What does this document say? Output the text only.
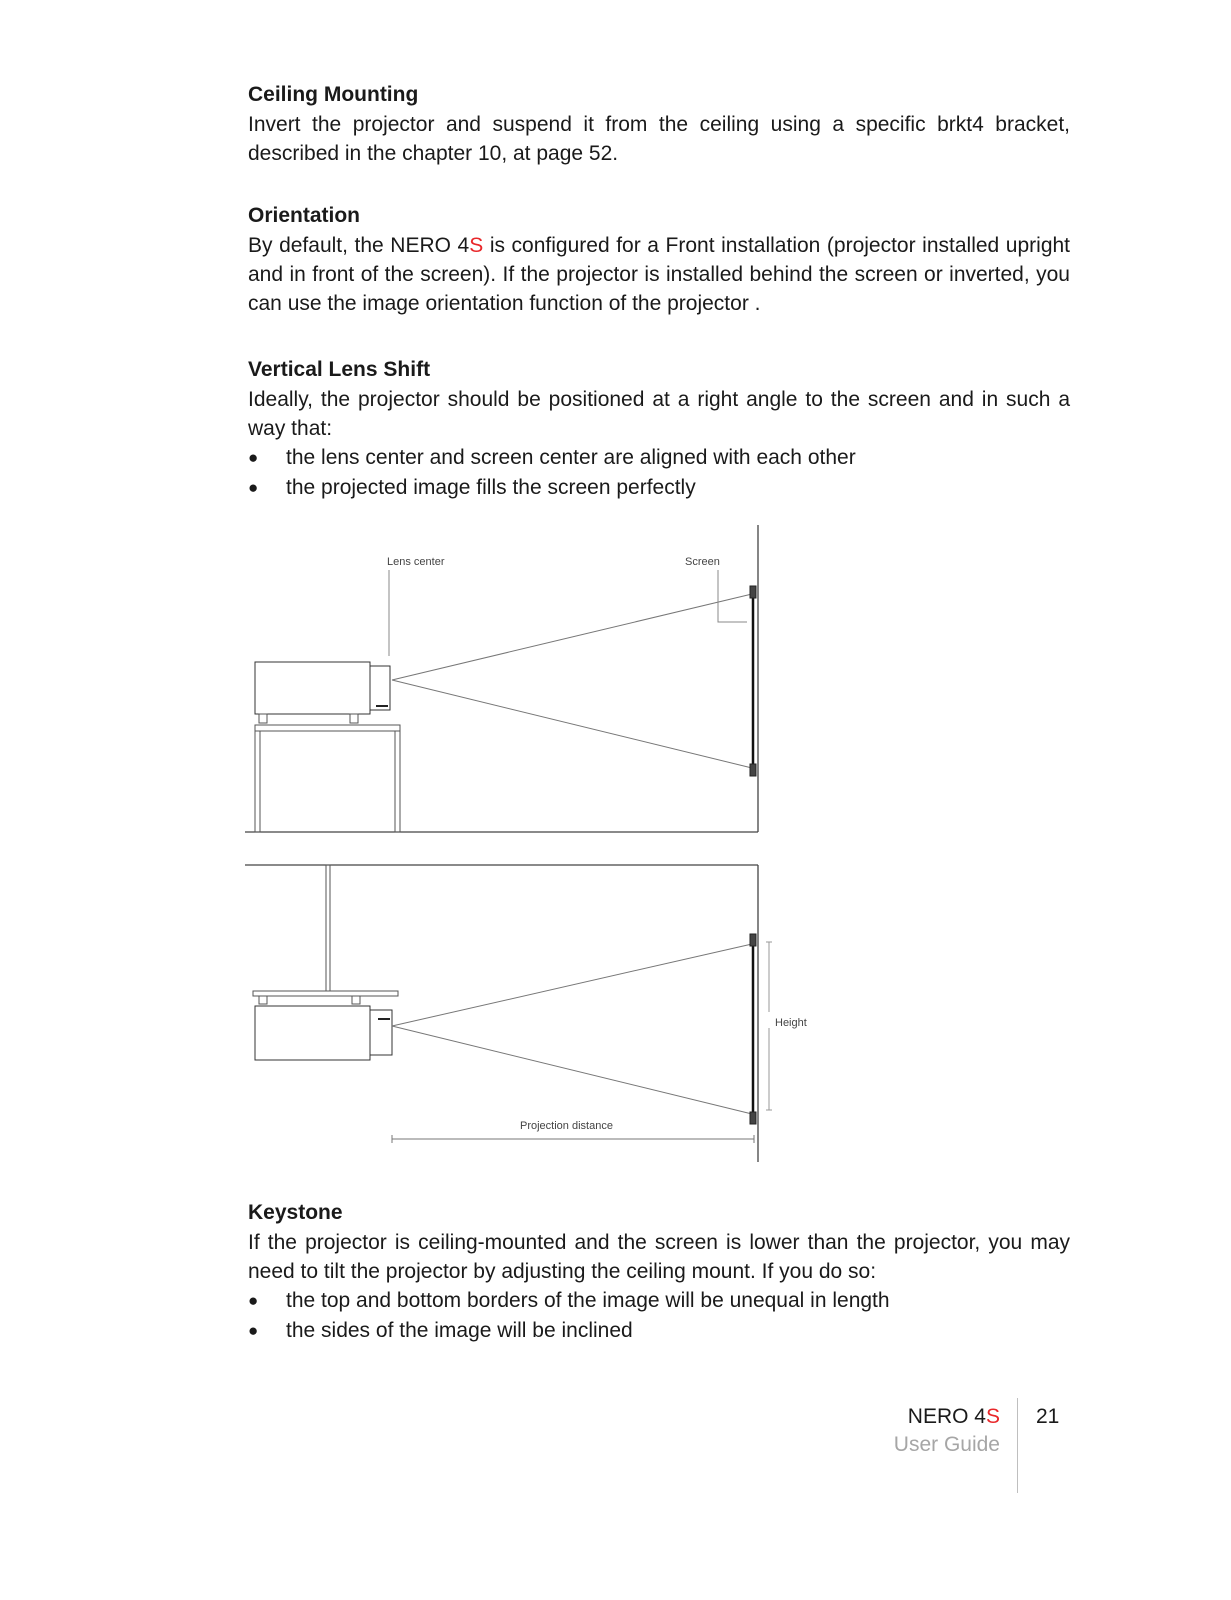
Ceiling Mounting

Invert the projector and suspend it from the ceiling using a specific brkt4 bracket, described in the chapter 10, at page 52.

Orientation

By default, the NERO 4S is configured for a Front installation (projector installed upright and in front of the screen). If the projector is installed behind the screen or inverted, you can use the image orientation function of the projector .

Vertical Lens Shift

Ideally, the projector should be positioned at a right angle to the screen and in such a way that:

●	the lens center and screen center are aligned with each other
●	the projected image fills the screen perfectly
Lens center	Screen
Height
Projection distance
Keystone

If the projector is ceiling-mounted and the screen is lower than the projector, you may need to tilt the projector by adjusting the ceiling mount. If you do so:

●	the top and bottom borders of the image will be unequal in length
●	the sides of the image will be inclined
NERO 4S
User Guide
21
